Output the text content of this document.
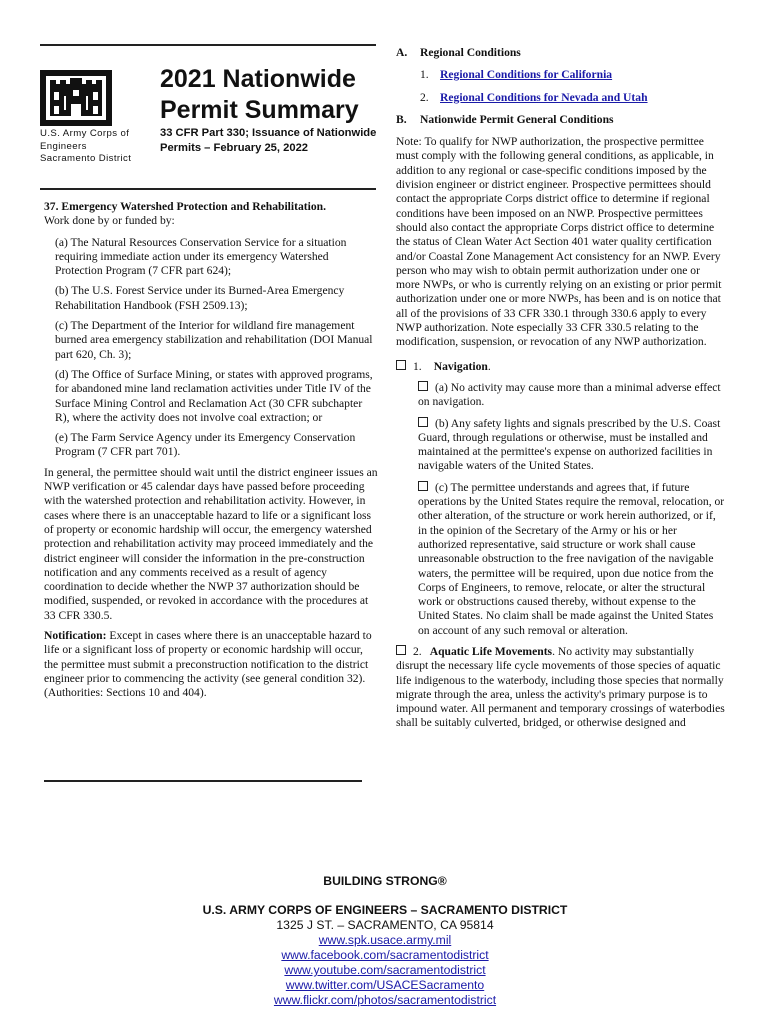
U.S. Army Corps of
Engineers
Sacramento District
2021 Nationwide
Permit Summary
33 CFR Part 330; Issuance of Nationwide Permits – February 25, 2022
37. Emergency Watershed Protection and Rehabilitation.

Work done by or funded by:

(a) The Natural Resources Conservation Service for a situation requiring immediate action under its emergency Watershed Protection Program (7 CFR part 624);

(b) The U.S. Forest Service under its Burned-Area Emergency Rehabilitation Handbook (FSH 2509.13);

(c) The Department of the Interior for wildland fire management burned area emergency stabilization and rehabilitation (DOI Manual part 620, Ch. 3);

(d) The Office of Surface Mining, or states with approved programs, for abandoned mine land reclamation activities under Title IV of the Surface Mining Control and Reclamation Act (30 CFR subchapter R), where the activity does not involve coal extraction; or

(e) The Farm Service Agency under its Emergency Conservation Program (7 CFR part 701).

In general, the permittee should wait until the district engineer issues an NWP verification or 45 calendar days have passed before proceeding with the watershed protection and rehabilitation activity. However, in cases where there is an unacceptable hazard to life or a significant loss of property or economic hardship will occur, the emergency watershed protection and rehabilitation activity may proceed immediately and the district engineer will consider the information in the pre-construction notification and any comments received as a result of agency coordination to decide whether the NWP 37 authorization should be modified, suspended, or revoked in accordance with the procedures at 33 CFR 330.5.

Notification: Except in cases where there is an unacceptable hazard to life or a significant loss of property or economic hardship will occur, the permittee must submit a preconstruction notification to the district engineer prior to commencing the activity (see general condition 32). (Authorities: Sections 10 and 404).

A. Regional Conditions
1. Regional Conditions for California
2. Regional Conditions for Nevada and Utah
B. Nationwide Permit General Conditions

Note: To qualify for NWP authorization, the prospective permittee must comply with the following general conditions, as applicable, in addition to any regional or case-specific conditions imposed by the division engineer or district engineer. Prospective permittees should contact the appropriate Corps district office to determine if regional conditions have been imposed on an NWP. Prospective permittees should also contact the appropriate Corps district office to determine the status of Clean Water Act Section 401 water quality certification and/or Coastal Zone Management Act consistency for an NWP. Every person who may wish to obtain permit authorization under one or more NWPs, or who is currently relying on an existing or prior permit authorization under one or more NWPs, has been and is on notice that all of the provisions of 33 CFR 330.1 through 330.6 apply to every NWP authorization. Note especially 33 CFR 330.5 relating to the modification, suspension, or revocation of any NWP authorization.

1. Navigation.

(a) No activity may cause more than a minimal adverse effect on navigation.

(b) Any safety lights and signals prescribed by the U.S. Coast Guard, through regulations or otherwise, must be installed and maintained at the permittee's expense on authorized facilities in navigable waters of the United States.

(c) The permittee understands and agrees that, if future operations by the United States require the removal, relocation, or other alteration, of the structure or work herein authorized, or if, in the opinion of the Secretary of the Army or his or her authorized representative, said structure or work shall cause unreasonable obstruction to the free navigation of the navigable waters, the permittee will be required, upon due notice from the Corps of Engineers, to remove, relocate, or alter the structural work or obstructions caused thereby, without expense to the United States. No claim shall be made against the United States on account of any such removal or alteration.

2. Aquatic Life Movements. No activity may substantially disrupt the necessary life cycle movements of those species of aquatic life indigenous to the waterbody, including those species that normally migrate through the area, unless the activity's primary purpose is to impound water. All permanent and temporary crossings of waterbodies shall be suitably culverted, bridged, or otherwise designed and

BUILDING STRONG®
U.S. ARMY CORPS OF ENGINEERS – SACRAMENTO DISTRICT
1325 J ST. – SACRAMENTO, CA 95814
www.spk.usace.army.mil
www.facebook.com/sacramentodistrict
www.youtube.com/sacramentodistrict
www.twitter.com/USACESacramento
www.flickr.com/photos/sacramentodistrict
